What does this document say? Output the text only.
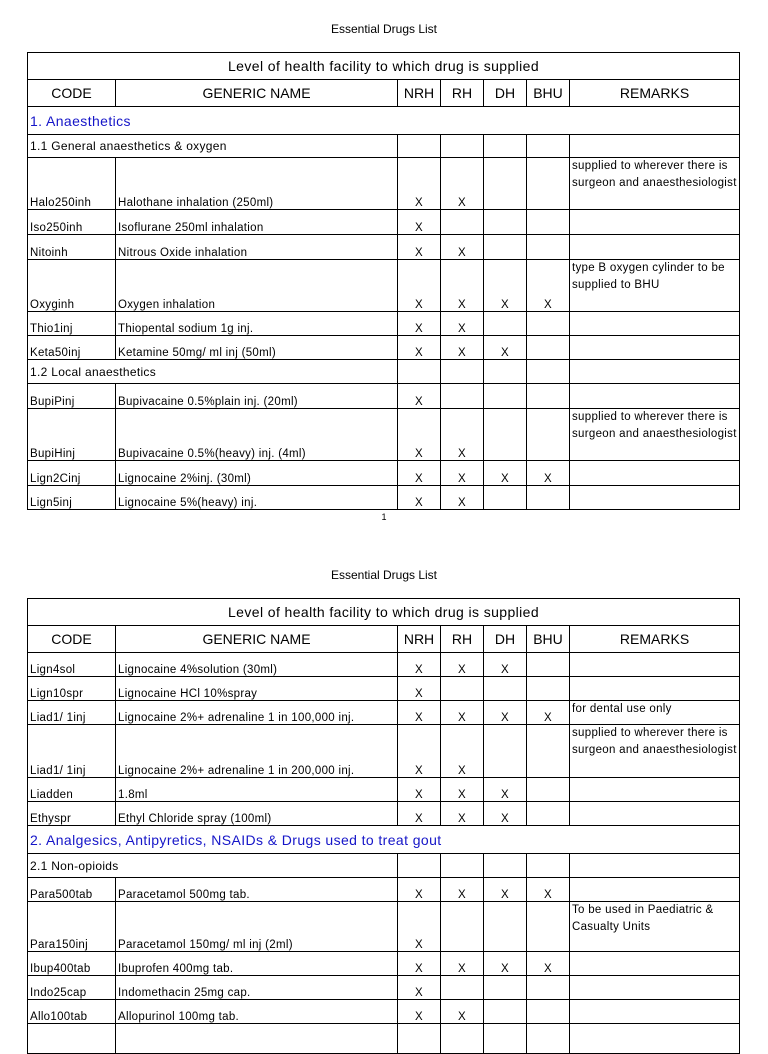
Essential Drugs List
Level of health facility to which drug is supplied						
CODE	GENERIC NAME	NRH	RH	DH	BHU	REMARKS
1. Anaesthetics						
1.1 General anaesthetics & oxygen						
Halo250inh	Halothane inhalation (250ml)	X	X			supplied to wherever there is surgeon and anaesthesiologist
Iso250inh	Isoflurane 250ml inhalation	X				
Nitoinh	Nitrous Oxide inhalation	X	X			
Oxyginh	Oxygen inhalation	X	X	X	X	type B oxygen cylinder to be supplied to BHU
Thio1inj	Thiopental sodium 1g inj.	X	X			
Keta50inj	Ketamine 50mg/ ml inj (50ml)	X	X	X		
1.2 Local anaesthetics						
BupiPinj	Bupivacaine 0.5%plain inj. (20ml)	X				
BupiHinj	Bupivacaine 0.5%(heavy) inj. (4ml)	X	X			supplied to wherever there is surgeon and anaesthesiologist
Lign2Cinj	Lignocaine 2%inj. (30ml)	X	X	X	X	
Lign5inj	Lignocaine 5%(heavy) inj.	X	X			
1
Essential Drugs List
Level of health facility to which drug is supplied						
CODE	GENERIC NAME	NRH	RH	DH	BHU	REMARKS
Lign4sol	Lignocaine 4%solution (30ml)	X	X	X		
Lign10spr	Lignocaine HCl 10%spray	X				
Liad1/ 1inj	Lignocaine 2%+ adrenaline 1 in 100,000 inj.	X	X	X	X	for dental use only
Liad1/ 1inj	Lignocaine 2%+ adrenaline 1 in 200,000 inj.	X	X			supplied to wherever there is surgeon and anaesthesiologist
Liadden	1.8ml	X	X	X		
Ethyspr	Ethyl Chloride spray (100ml)	X	X	X		
2. Analgesics, Antipyretics, NSAIDs & Drugs used to treat gout						
2.1 Non-opioids						
Para500tab	Paracetamol 500mg tab.	X	X	X	X	
Para150inj	Paracetamol 150mg/ ml inj (2ml)	X				To be used in Paediatric & Casualty Units
Ibup400tab	Ibuprofen 400mg tab.	X	X	X	X	
Indo25cap	Indomethacin 25mg cap.	X				
Allo100tab	Allopurinol 100mg tab.	X	X			
